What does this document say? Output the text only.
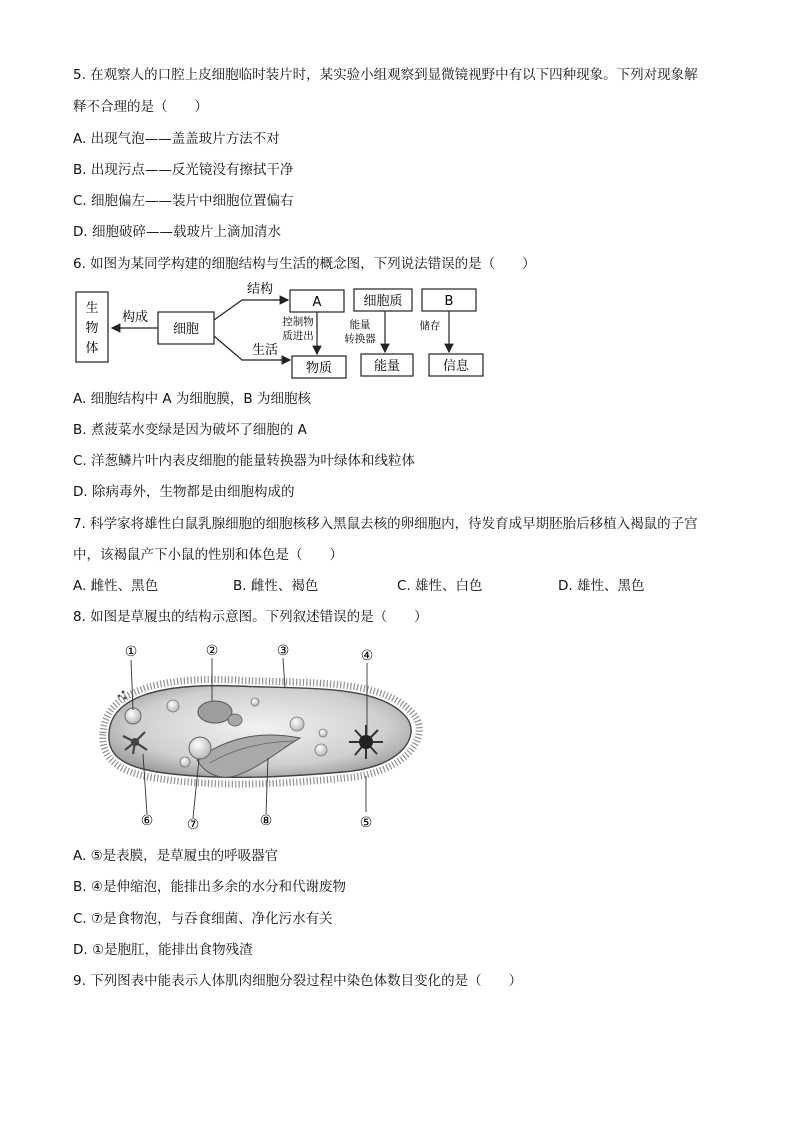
5. 在观察人的口腔上皮细胞临时装片时，某实验小组观察到显微镜视野中有以下四种现象。下列对现象解
释不合理的是（　　）
A. 出现气泡——盖盖玻片方法不对
B. 出现污点——反光镜没有擦拭干净
C. 细胞偏左——装片中细胞位置偏右
D. 细胞破碎——载玻片上滴加清水
6. 如图为某同学构建的细胞结构与生活的概念图，下列说法错误的是（　　）
生
物
体
构成
细胞
结构
生活
A	细胞质	B
控制物
质进出
能量
转换器
储存
物质	能量	信息
A. 细胞结构中 A 为细胞膜，B 为细胞核
B. 煮菠菜水变绿是因为破坏了细胞的 A
C. 洋葱鳞片叶内表皮细胞的能量转换器为叶绿体和线粒体
D. 除病毒外，生物都是由细胞构成的
7. 科学家将雄性白鼠乳腺细胞的细胞核移入黑鼠去核的卵细胞内，待发育成早期胚胎后移植入褐鼠的子宫
中，该褐鼠产下小鼠的性别和体色是（　　）
A. 雌性、黑色	B. 雌性、褐色	C. 雄性、白色	D. 雄性、黑色
8. 如图是草履虫的结构示意图。下列叙述错误的是（　　）
①	②	③	④
⑤
⑥ ⑦	⑧
A. ⑤是表膜，是草履虫的呼吸器官
B. ④是伸缩泡，能排出多余的水分和代谢废物
C. ⑦是食物泡，与吞食细菌、净化污水有关
D. ①是胞肛，能排出食物残渣
9. 下列图表中能表示人体肌肉细胞分裂过程中染色体数目变化的是（　　）
